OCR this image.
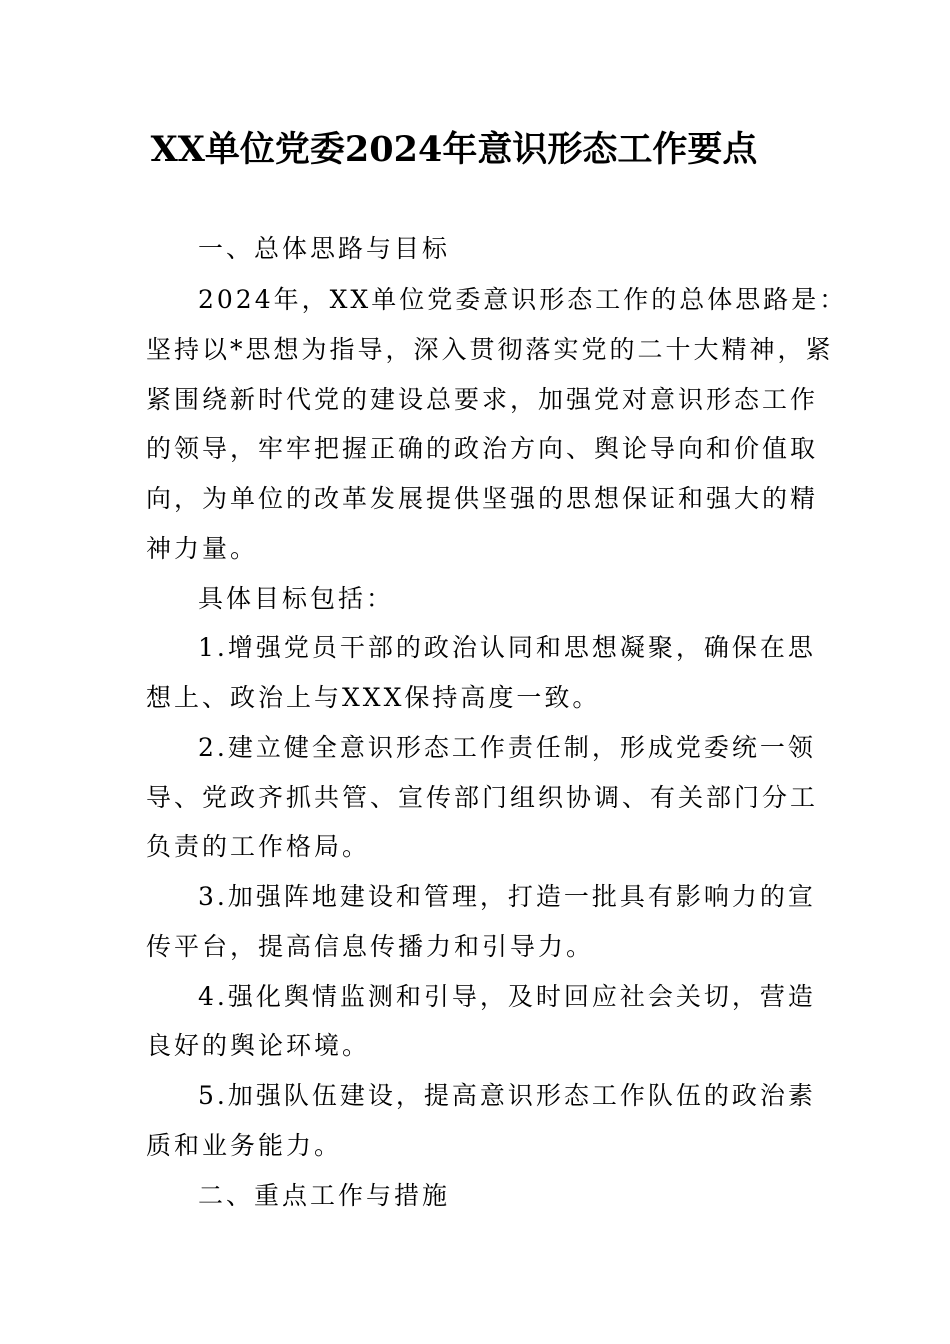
XX单位党委2024年意识形态工作要点
一、总体思路与目标
2024年，XX单位党委意识形态工作的总体思路是：
坚持以*思想为指导，深入贯彻落实党的二十大精神，紧
紧围绕新时代党的建设总要求，加强党对意识形态工作
的领导，牢牢把握正确的政治方向、舆论导向和价值取
向，为单位的改革发展提供坚强的思想保证和强大的精
神力量。
具体目标包括：
1.增强党员干部的政治认同和思想凝聚，确保在思
想上、政治上与XXX保持高度一致。
2.建立健全意识形态工作责任制，形成党委统一领
导、党政齐抓共管、宣传部门组织协调、有关部门分工
负责的工作格局。
3.加强阵地建设和管理，打造一批具有影响力的宣
传平台，提高信息传播力和引导力。
4.强化舆情监测和引导，及时回应社会关切，营造
良好的舆论环境。
5.加强队伍建设，提高意识形态工作队伍的政治素
质和业务能力。
二、重点工作与措施
